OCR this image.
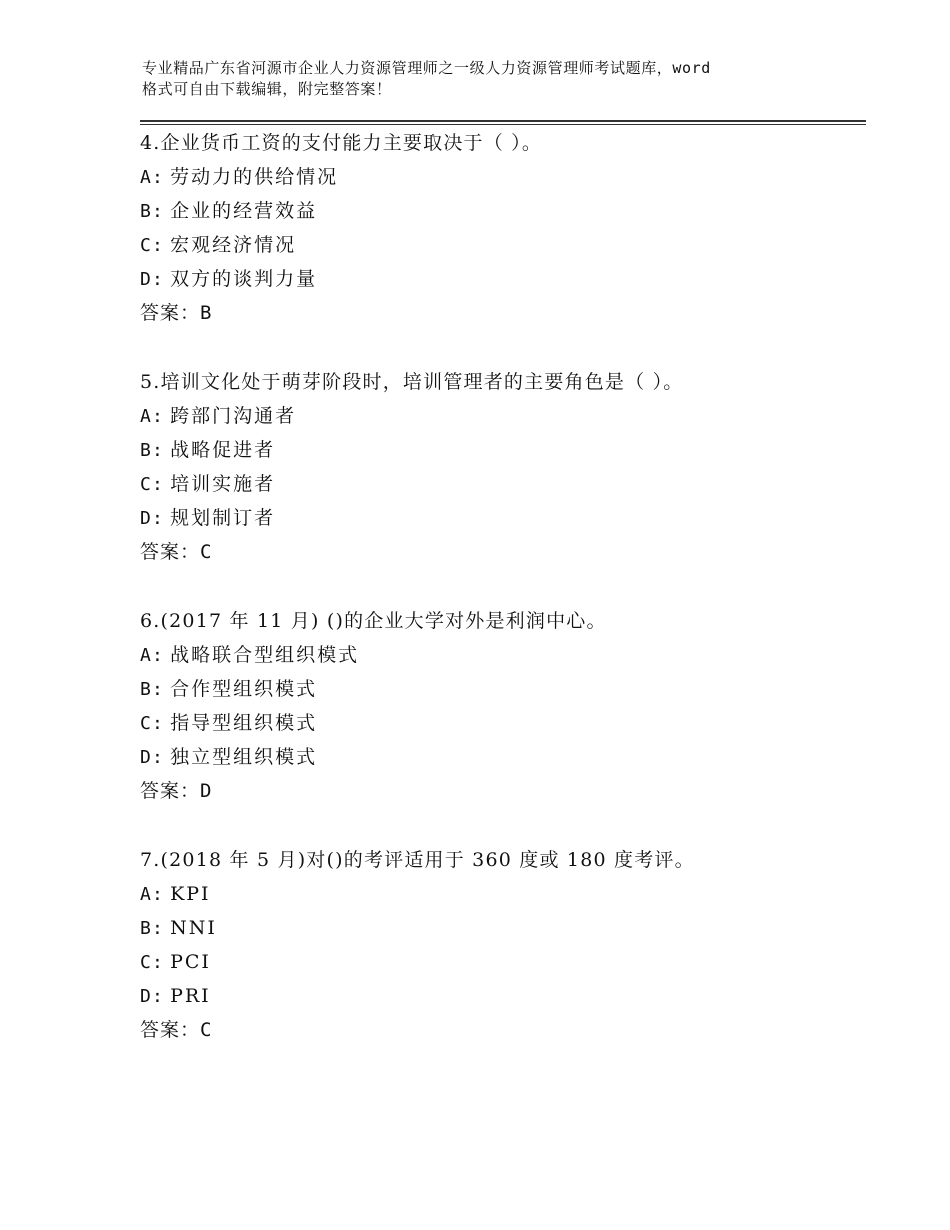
专业精品广东省河源市企业人力资源管理师之一级人力资源管理师考试题库，word
格式可自由下载编辑，附完整答案！
4.企业货币工资的支付能力主要取决于（ ）。
A: 劳动力的供给情况
B: 企业的经营效益
C: 宏观经济情况
D: 双方的谈判力量
答案：B
5.培训文化处于萌芽阶段时，培训管理者的主要角色是（ ）。
A: 跨部门沟通者
B: 战略促进者
C: 培训实施者
D: 规划制订者
答案：C
6.(2017 年 11 月) ()的企业大学对外是利润中心。
A: 战略联合型组织模式
B: 合作型组织模式
C: 指导型组织模式
D: 独立型组织模式
答案：D
7.(2018 年 5 月)对()的考评适用于 360 度或 180 度考评。
A: KPI
B: NNI
C: PCI
D: PRI
答案：C
